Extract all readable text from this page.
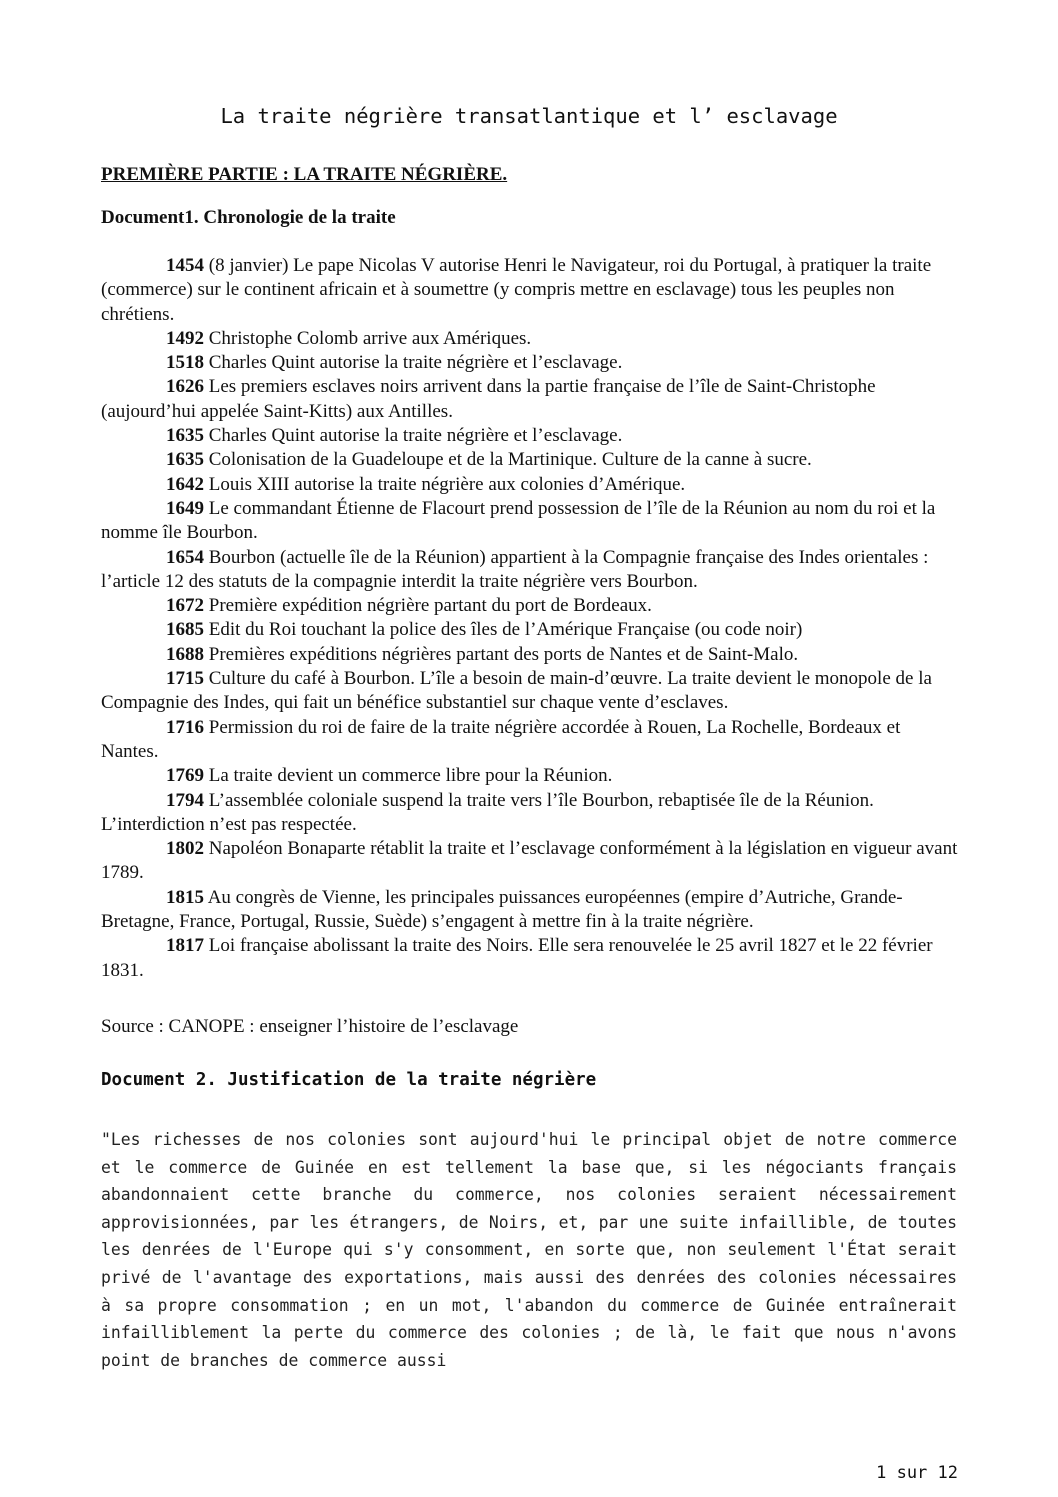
La traite négrière transatlantique et l’ esclavage
PREMIÈRE PARTIE : LA TRAITE NÉGRIÈRE.
Document1. Chronologie de la traite

1454 (8 janvier) Le pape Nicolas V autorise Henri le Navigateur, roi du Portugal, à pratiquer la traite (commerce) sur le continent africain et à soumettre (y compris mettre en esclavage) tous les peuples non chrétiens.

1492 Christophe Colomb arrive aux Amériques.

1518 Charles Quint autorise la traite négrière et l’esclavage.

1626 Les premiers esclaves noirs arrivent dans la partie française de l’île de Saint-Christophe (aujourd’hui appelée Saint-Kitts) aux Antilles.

1635 Charles Quint autorise la traite négrière et l’esclavage.

1635 Colonisation de la Guadeloupe et de la Martinique. Culture de la canne à sucre.

1642 Louis XIII autorise la traite négrière aux colonies d’Amérique.

1649 Le commandant Étienne de Flacourt prend possession de l’île de la Réunion au nom du roi et la nomme île Bourbon.

1654 Bourbon (actuelle île de la Réunion) appartient à la Compagnie française des Indes orientales : l’article 12 des statuts de la compagnie interdit la traite négrière vers Bourbon.

1672 Première expédition négrière partant du port de Bordeaux.

1685 Edit du Roi touchant la police des îles de l’Amérique Française (ou code noir)

1688 Premières expéditions négrières partant des ports de Nantes et de Saint-Malo.

1715 Culture du café à Bourbon. L’île a besoin de main-d’œuvre. La traite devient le monopole de la Compagnie des Indes, qui fait un bénéfice substantiel sur chaque vente d’esclaves.

1716 Permission du roi de faire de la traite négrière accordée à Rouen, La Rochelle, Bordeaux et Nantes.

1769 La traite devient un commerce libre pour la Réunion.

1794 L’assemblée coloniale suspend la traite vers l’île Bourbon, rebaptisée île de la Réunion. L’interdiction n’est pas respectée.

1802 Napoléon Bonaparte rétablit la traite et l’esclavage conformément à la législation en vigueur avant 1789.

1815 Au congrès de Vienne, les principales puissances européennes (empire d’Autriche, Grande-Bretagne, France, Portugal, Russie, Suède) s’engagent à mettre fin à la traite négrière.

1817 Loi française abolissant la traite des Noirs. Elle sera renouvelée le 25 avril 1827 et le 22 février 1831.

Source : CANOPE : enseigner l’histoire de l’esclavage
Document 2. Justification de la traite négrière
"Les richesses de nos colonies sont aujourd'hui le principal objet de notre commerce et le commerce de Guinée en est tellement la base que, si les négociants français abandonnaient cette branche du commerce, nos colonies seraient nécessairement approvisionnées, par les étrangers, de Noirs, et, par une suite infaillible, de toutes les denrées de l'Europe qui s'y consomment, en sorte que, non seulement l'État serait privé de l'avantage des exportations, mais aussi des denrées des colonies nécessaires à sa propre consommation ; en un mot, l'abandon du commerce de Guinée entraînerait infailliblement la perte du commerce des colonies ; de là, le fait que nous n'avons point de branches de commerce aussi
1 sur 12
